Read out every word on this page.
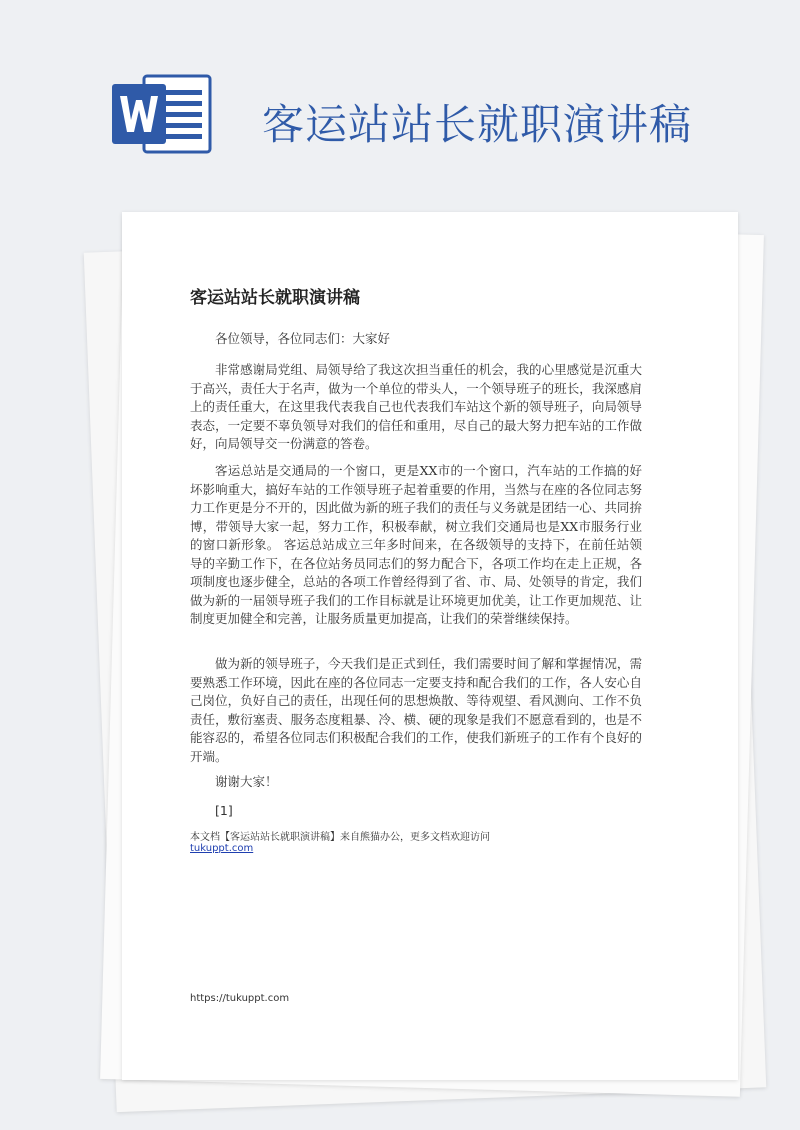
客运站站长就职演讲稿
客运站站长就职演讲稿

各位领导，各位同志们：大家好

非常感谢局党组、局领导给了我这次担当重任的机会，我的心里感觉是沉重大于高兴，责任大于名声，做为一个单位的带头人，一个领导班子的班长，我深感肩上的责任重大，在这里我代表我自己也代表我们车站这个新的领导班子，向局领导表态，一定要不辜负领导对我们的信任和重用，尽自己的最大努力把车站的工作做好，向局领导交一份满意的答卷。

客运总站是交通局的一个窗口，更是XX市的一个窗口，汽车站的工作搞的好坏影响重大，搞好车站的工作领导班子起着重要的作用，当然与在座的各位同志努力工作更是分不开的，因此做为新的班子我们的责任与义务就是团结一心、共同拚博，带领导大家一起，努力工作，积极奉献，树立我们交通局也是XX市服务行业的窗口新形象。 客运总站成立三年多时间来，在各级领导的支持下，在前任站领导的辛勤工作下，在各位站务员同志们的努力配合下，各项工作均在走上正规，各项制度也逐步健全，总站的各项工作曾经得到了省、市、局、处领导的肯定，我们做为新的一届领导班子我们的工作目标就是让环境更加优美，让工作更加规范、让制度更加健全和完善，让服务质量更加提高，让我们的荣誉继续保持。

做为新的领导班子，今天我们是正式到任，我们需要时间了解和掌握情况，需要熟悉工作环境，因此在座的各位同志一定要支持和配合我们的工作，各人安心自己岗位，负好自己的责任，出现任何的思想焕散、等待观望、看风测向、工作不负责任，敷衍塞责、服务态度粗暴、冷、横、硬的现象是我们不愿意看到的，也是不能容忍的，希望各位同志们积极配合我们的工作，使我们新班子的工作有个良好的开端。

谢谢大家！

[1]

本文档【客运站站长就职演讲稿】来自熊猫办公，更多文档欢迎访问
tukuppt.com
https://tukuppt.com
